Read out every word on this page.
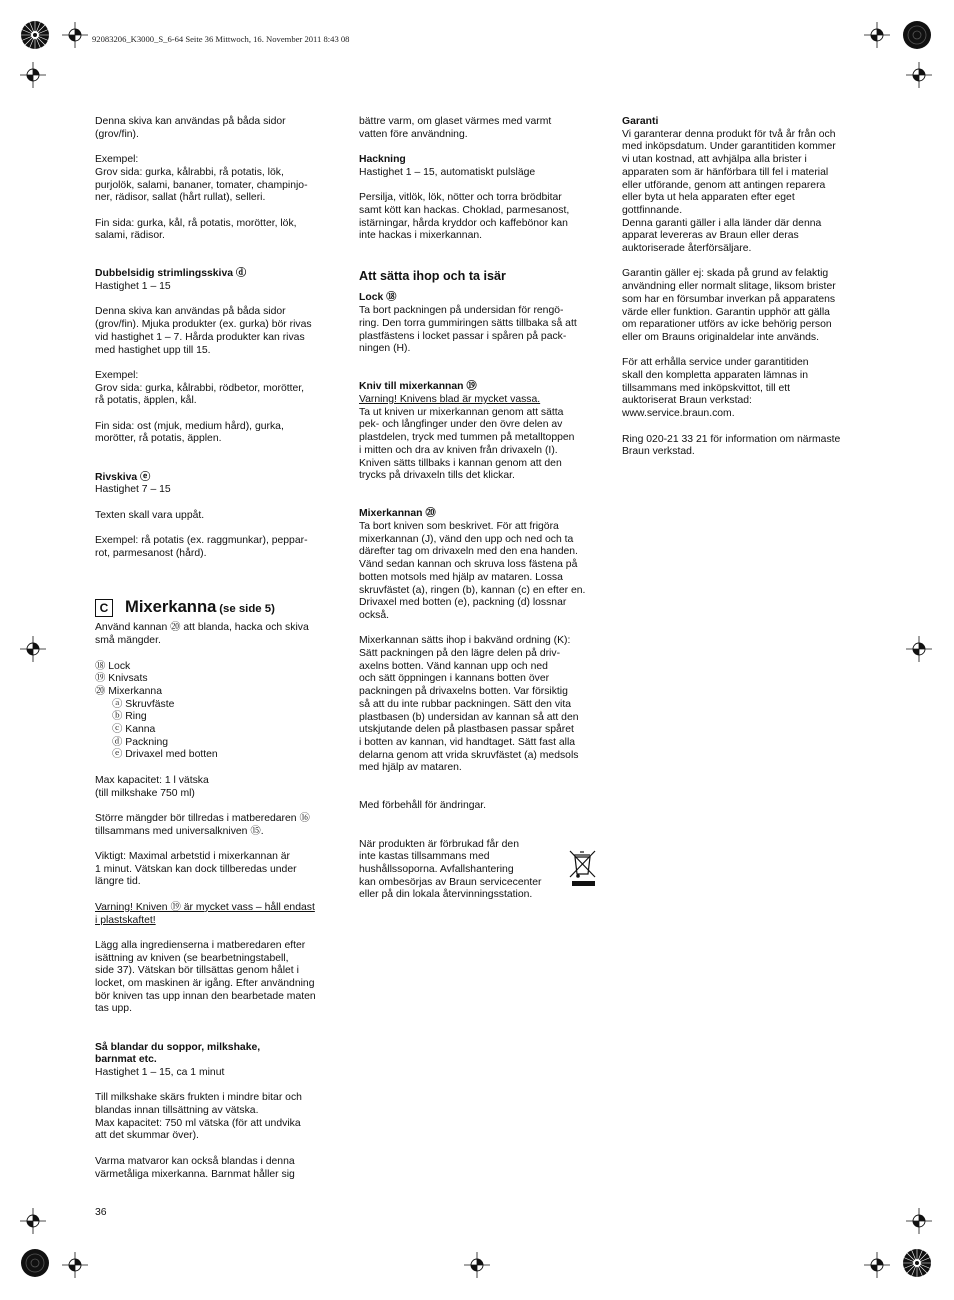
92083206_K3000_S_6-64 Seite 36 Mittwoch, 16. November 2011 8:43 08

Denna skiva kan användas på båda sidor
(grov/fin).

Exempel:
Grov sida: gurka, kålrabbi, rå potatis, lök,
purjolök, salami, bananer, tomater, champinjo-
ner, rädisor, sallat (hårt rullat), selleri.

Fin sida: gurka, kål, rå potatis, morötter, lök,
salami, rädisor.

Dubbelsidig strimlingsskiva ⓓ

Hastighet 1 – 15

Denna skiva kan användas på båda sidor
(grov/fin). Mjuka produkter (ex. gurka) bör rivas
vid hastighet 1 – 7. Hårda produkter kan rivas
med hastighet upp till 15.

Exempel:
Grov sida: gurka, kålrabbi, rödbetor, morötter,
rå potatis, äpplen, kål.

Fin sida: ost (mjuk, medium hård), gurka,
morötter, rå potatis, äpplen.

Rivskiva ⓔ

Hastighet 7 – 15

Texten skall vara uppåt.

Exempel: rå potatis (ex. raggmunkar), peppar-
rot, parmesanost (hård).

C Mixerkanna (se side 5)

Använd kannan ⑳ att blanda, hacka och skiva
små mängder.

⑱ Lock

⑲ Knivsats

⑳ Mixerkanna

ⓐ Skruvfäste

ⓑ Ring

ⓒ Kanna

ⓓ Packning

ⓔ Drivaxel med botten

Max kapacitet: 1 l vätska
(till milkshake 750 ml)

Större mängder bör tillredas i matberedaren ⑯
tillsammans med universalkniven ⑮.

Viktigt: Maximal arbetstid i mixerkannan är
1 minut. Vätskan kan dock tillberedas under
längre tid.

Varning! Kniven ⑲ är mycket vass – håll endast
i plastskaftet!

Lägg alla ingredienserna i matberedaren efter
isättning av kniven (se bearbetningstabell,
side 37). Vätskan bör tillsättas genom hålet i
locket, om maskinen är igång. Efter användning
bör kniven tas upp innan den bearbetade maten
tas upp.

Så blandar du soppor, milkshake,
barnmat etc.

Hastighet 1 – 15, ca 1 minut

Till milkshake skärs frukten i mindre bitar och
blandas innan tillsättning av vätska.
Max kapacitet: 750 ml vätska (för att undvika
att det skummar över).

Varma matvaror kan också blandas i denna
värmetåliga mixerkanna. Barnmat håller sig

bättre varm, om glaset värmes med varmt
vatten före användning.

Hackning

Hastighet 1 – 15, automatiskt pulsläge

Persilja, vitlök, lök, nötter och torra brödbitar
samt kött kan hackas. Choklad, parmesanost,
istärningar, hårda kryddor och kaffebönor kan
inte hackas i mixerkannan.

Att sätta ihop och ta isär

Lock ⑱

Ta bort packningen på undersidan för rengö-
ring. Den torra gummiringen sätts tillbaka så att
plastfästens i locket passar i spåren på pack-
ningen (H).

Kniv till mixerkannan ⑲

Varning! Knivens blad är mycket vassa.

Ta ut kniven ur mixerkannan genom att sätta
pek- och långfinger under den övre delen av
plastdelen, tryck med tummen på metalltoppen
i mitten och dra av kniven från drivaxeln (I).
Kniven sätts tillbaks i kannan genom att den
trycks på drivaxeln tills det klickar.

Mixerkannan ⑳

Ta bort kniven som beskrivet. För att frigöra
mixerkannan (J), vänd den upp och ned och ta
därefter tag om drivaxeln med den ena handen.
Vänd sedan kannan och skruva loss fästena på
botten motsols med hjälp av mataren. Lossa
skruvfästet (a), ringen (b), kannan (c) en efter en.
Drivaxel med botten (e), packning (d) lossnar
också.

Mixerkannan sätts ihop i bakvänd ordning (K):
Sätt packningen på den lägre delen på driv-
axelns botten. Vänd kannan upp och ned
och sätt öppningen i kannans botten över
packningen på drivaxelns botten. Var försiktig
så att du inte rubbar packningen. Sätt den vita
plastbasen (b) undersidan av kannan så att den
utskjutande delen på plastbasen passar spåret
i botten av kannan, vid handtaget. Sätt fast alla
delarna genom att vrida skruvfästet (a) medsols
med hjälp av mataren.

Med förbehåll för ändringar.

När produkten är förbrukad får den
inte kastas tillsammans med
hushållssoporna. Avfallshantering
kan ombesörjas av Braun servicecenter
eller på din lokala återvinningsstation.

Garanti

Vi garanterar denna produkt för två år från och
med inköpsdatum. Under garantitiden kommer
vi utan kostnad, att avhjälpa alla brister i
apparaten som är hänförbara till fel i material
eller utförande, genom att antingen reparera
eller byta ut hela apparaten efter eget
gottfinnande.
Denna garanti gäller i alla länder där denna
apparat levereras av Braun eller deras
auktoriserade återförsäljare.

Garantin gäller ej: skada på grund av felaktig
användning eller normalt slitage, liksom brister
som har en försumbar inverkan på apparatens
värde eller funktion. Garantin upphör att gälla
om reparationer utförs av icke behörig person
eller om Brauns originaldelar inte används.

För att erhålla service under garantitiden
skall den kompletta apparaten lämnas in
tillsammans med inköpskvittot, till ett
auktoriserat Braun verkstad:
www.service.braun.com.

Ring 020-21 33 21 för information om närmaste
Braun verkstad.

36
